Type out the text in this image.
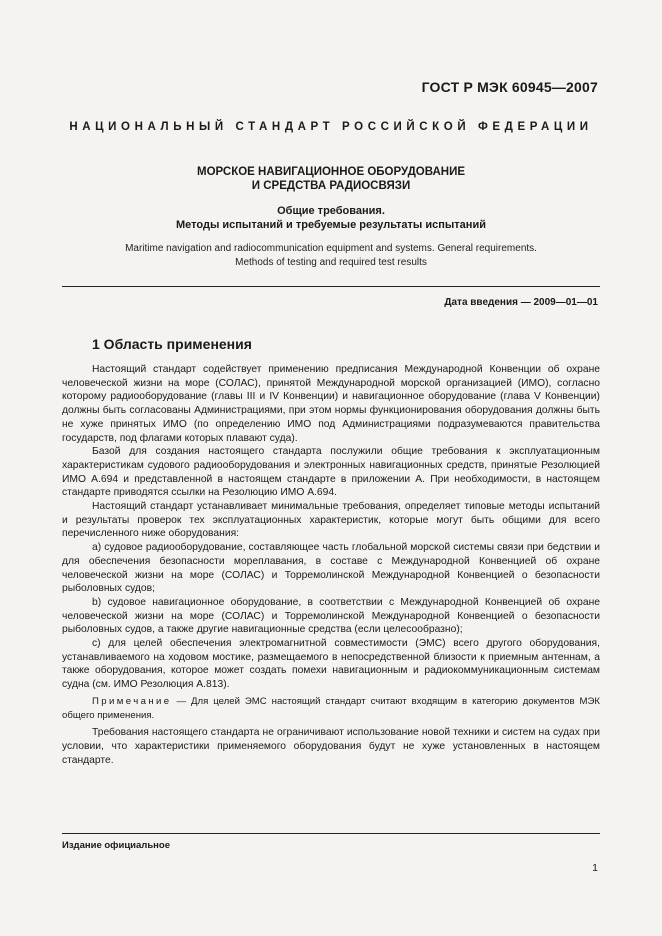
ГОСТ Р МЭК 60945—2007
НАЦИОНАЛЬНЫЙ СТАНДАРТ РОССИЙСКОЙ ФЕДЕРАЦИИ
МОРСКОЕ НАВИГАЦИОННОЕ ОБОРУДОВАНИЕ
И СРЕДСТВА РАДИОСВЯЗИ
Общие требования.
Методы испытаний и требуемые результаты испытаний
Maritime navigation and radiocommunication equipment and systems. General requirements.
Methods of testing and required test results
Дата введения — 2009—01—01
1 Область применения

Настоящий стандарт содействует применению предписания Международной Конвенции об охране человеческой жизни на море (СОЛАС), принятой Международной морской организацией (ИМО), согласно которому радиооборудование (главы III и IV Конвенции) и навигационное оборудование (глава V Конвенции) должны быть согласованы Администрациями, при этом нормы функционирования оборудования должны быть не хуже принятых ИМО (по определению ИМО под Администрациями подразумеваются правительства государств, под флагами которых плавают суда).

Базой для создания настоящего стандарта послужили общие требования к эксплуатационным характеристикам судового радиооборудования и электронных навигационных средств, принятые Резолюцией ИМО А.694 и представленной в настоящем стандарте в приложении А. При необходимости, в настоящем стандарте приводятся ссылки на Резолюцию ИМО А.694.

Настоящий стандарт устанавливает минимальные требования, определяет типовые методы испытаний и результаты проверок тех эксплуатационных характеристик, которые могут быть общими для всего перечисленного ниже оборудования:

а) судовое радиооборудование, составляющее часть глобальной морской системы связи при бедствии и для обеспечения безопасности мореплавания, в составе с Международной Конвенцией об охране человеческой жизни на море (СОЛАС) и Торремолинской Международной Конвенцией о безопасности рыболовных судов;

b) судовое навигационное оборудование, в соответствии с Международной Конвенцией об охране человеческой жизни на море (СОЛАС) и Торремолинской Международной Конвенцией о безопасности рыболовных судов, а также другие навигационные средства (если целесообразно);

с) для целей обеспечения электромагнитной совместимости (ЭМС) всего другого оборудования, устанавливаемого на ходовом мостике, размещаемого в непосредственной близости к приемным антеннам, а также оборудования, которое может создать помехи навигационным и радиокоммуникационным системам судна (см. ИМО Резолюция А.813).

Примечание — Для целей ЭМС настоящий стандарт считают входящим в категорию документов МЭК общего применения.

Требования настоящего стандарта не ограничивают использование новой техники и систем на судах при условии, что характеристики применяемого оборудования будут не хуже установленных в настоящем стандарте.

Издание официальное
1
